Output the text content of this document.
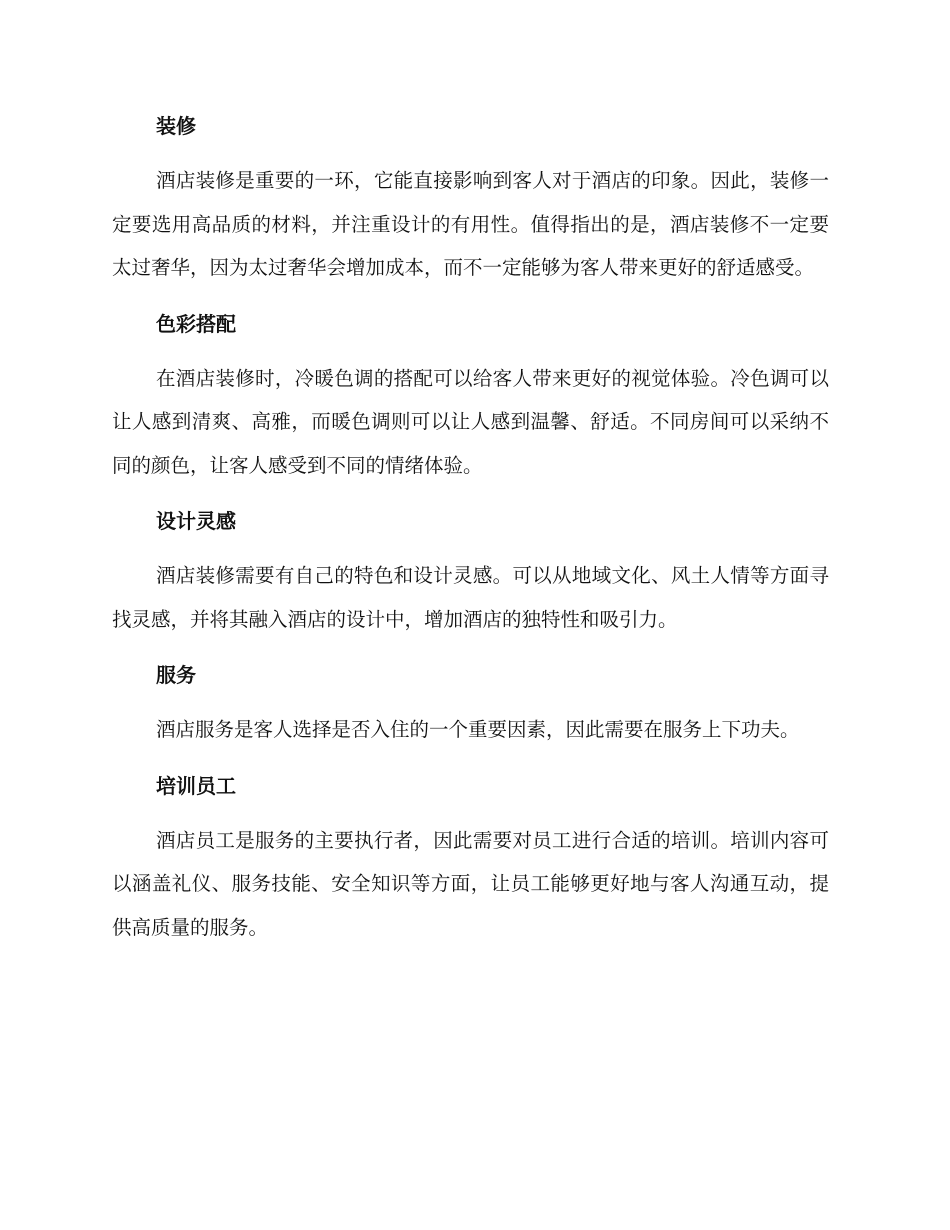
装修

酒店装修是重要的一环，它能直接影响到客人对于酒店的印象。因此，装修一定要选用高品质的材料，并注重设计的有用性。值得指出的是，酒店装修不一定要太过奢华，因为太过奢华会增加成本，而不一定能够为客人带来更好的舒适感受。

色彩搭配

在酒店装修时，冷暖色调的搭配可以给客人带来更好的视觉体验。冷色调可以让人感到清爽、高雅，而暖色调则可以让人感到温馨、舒适。不同房间可以采纳不同的颜色，让客人感受到不同的情绪体验。

设计灵感

酒店装修需要有自己的特色和设计灵感。可以从地域文化、风土人情等方面寻找灵感，并将其融入酒店的设计中，增加酒店的独特性和吸引力。

服务

酒店服务是客人选择是否入住的一个重要因素，因此需要在服务上下功夫。

培训员工

酒店员工是服务的主要执行者，因此需要对员工进行合适的培训。培训内容可以涵盖礼仪、服务技能、安全知识等方面，让员工能够更好地与客人沟通互动，提供高质量的服务。
